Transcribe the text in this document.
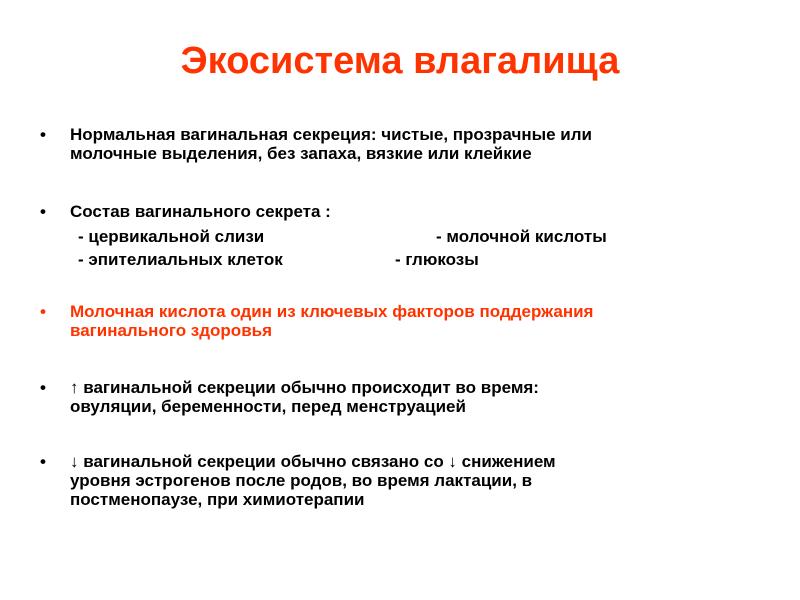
Экосистема влагалища
•	Нормальная вагинальная секреция: чистые, прозрачные или
молочные выделения, без запаха, вязкие или клейкие
•	Состав вагинального секрета :
- цервикальной слизи	- молочной кислоты
- эпителиальных клеток	- глюкозы
•	Молочная кислота один из ключевых факторов поддержания
вагинального здоровья
•	↑ вагинальной секреции обычно происходит во время:
овуляции, беременности, перед менструацией
•	↓ вагинальной секреции обычно связано со ↓ снижением
уровня эстрогенов после родов, во время лактации, в
постменопаузе, при химиотерапии
